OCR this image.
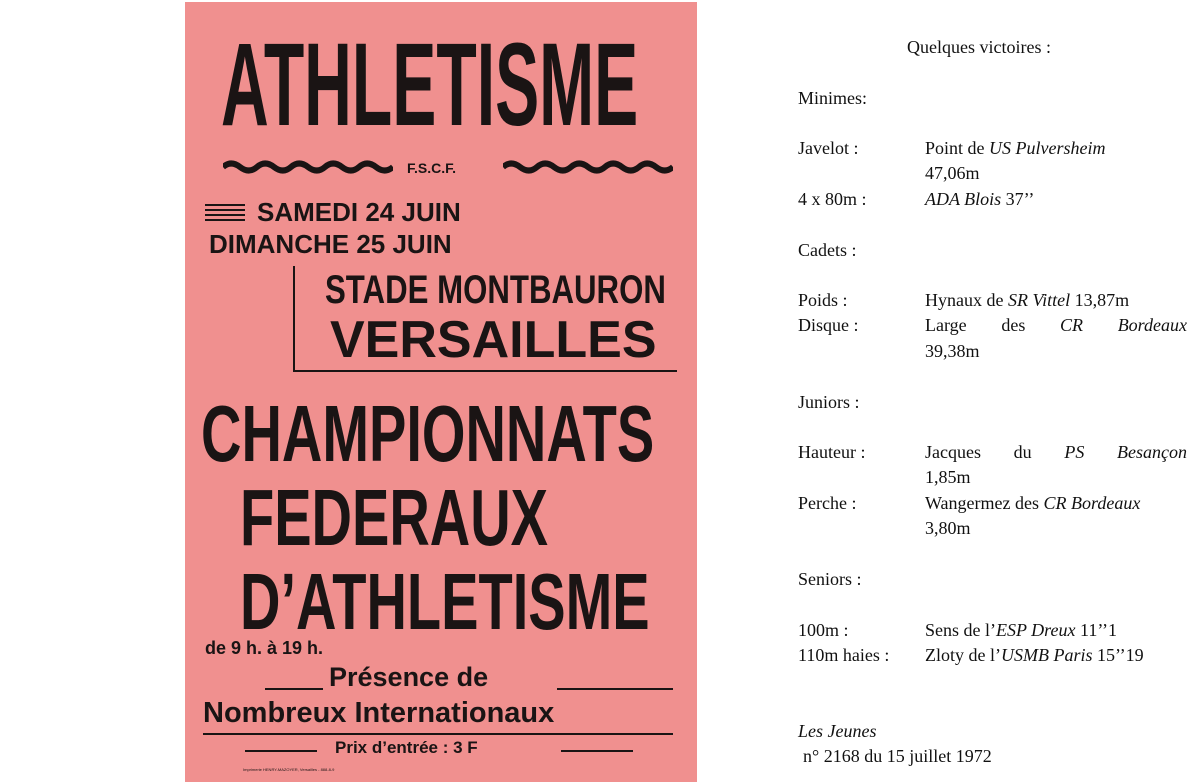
ATHLETISME
F.S.C.F.
SAMEDI 24 JUIN
DIMANCHE 25 JUIN
STADE MONTBAURON
VERSAILLES
CHAMPIONNATS
FEDERAUX
D’ATHLETISME
de 9 h. à 19 h.
Présence de
Nombreux Internationaux
Prix d’entrée : 3 F
Imprimerie HENRY-MAZOYER, Versailles - 888-8-9
Quelques victoires :
Minimes:
Javelot :	Point de US Pulversheim
47,06m
4 x 80m :	ADA Blois 37’’
Cadets :
Poids :	Hynaux de SR Vittel 13,87m
Disque :	Large des CR Bordeaux
39,38m
Juniors :
Hauteur :	Jacques du PS Besançon
1,85m
Perche :	Wangermez des CR Bordeaux
3,80m
Seniors :
100m :	Sens de l’ESP Dreux 11’’1
110m haies : Zloty de l’USMB Paris 15’’19
Les Jeunes
n° 2168 du 15 juillet 1972
